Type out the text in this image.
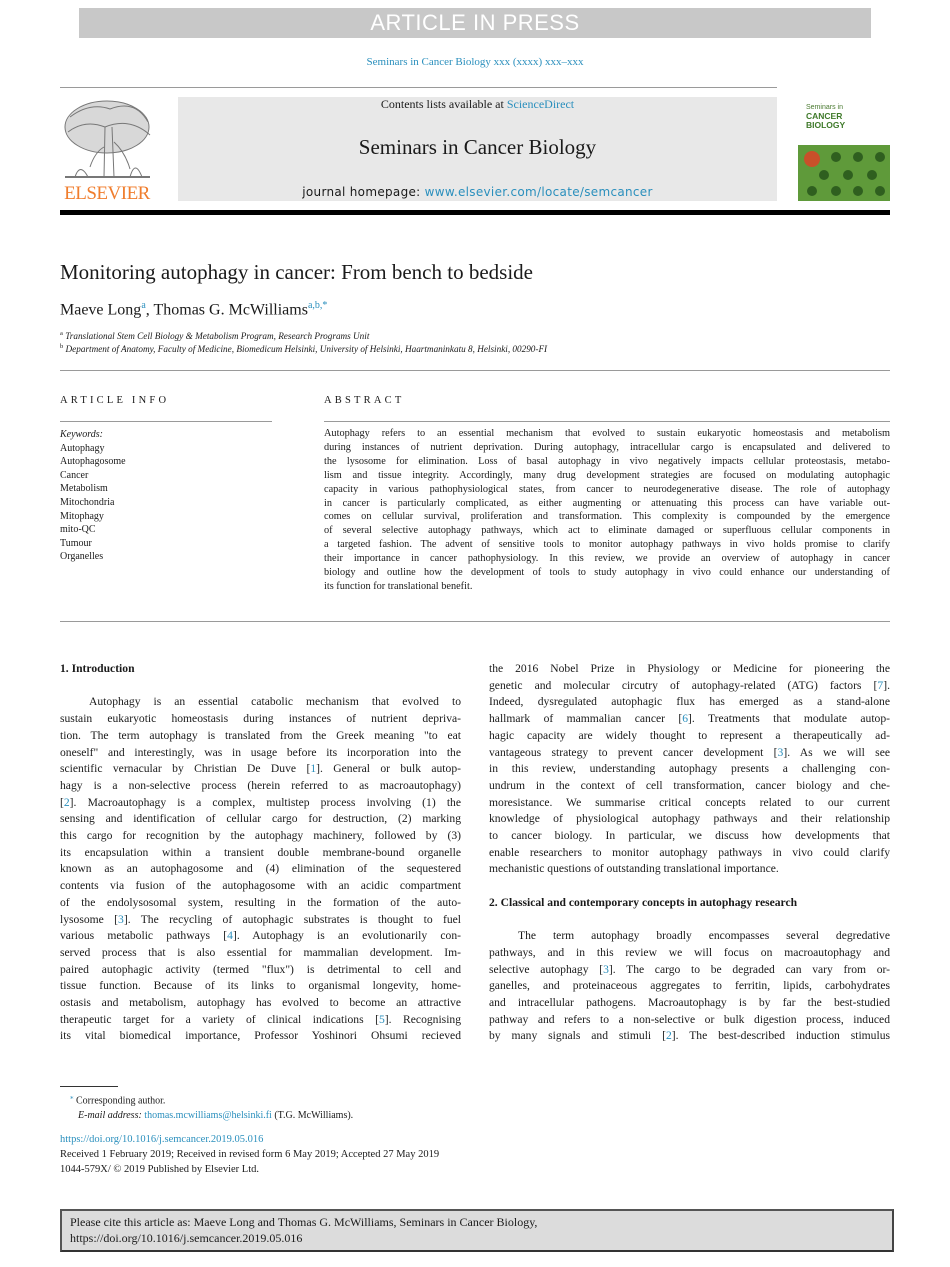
ARTICLE IN PRESS
Seminars in Cancer Biology xxx (xxxx) xxx–xxx
ELSEVIER
Contents lists available at ScienceDirect
Seminars in Cancer Biology
journal homepage: www.elsevier.com/locate/semcancer
Seminars in
CANCER
BIOLOGY
Monitoring autophagy in cancer: From bench to bedside
Maeve Long$^a$, Thomas G. McWilliams$^{a,b,*}$
$^a$ Translational Stem Cell Biology & Metabolism Program, Research Programs Unit
$^b$ Department of Anatomy, Faculty of Medicine, Biomedicum Helsinki, University of Helsinki, Haartmaninkatu 8, Helsinki, 00290-FI
ARTICLE INFO
Keywords:
Autophagy
Autophagosome
Cancer
Metabolism
Mitochondria
Mitophagy
mito-QC
Tumour
Organelles
ABSTRACT
Autophagy refers to an essential mechanism that evolved to sustain eukaryotic homeostasis and metabolism
during instances of nutrient deprivation. During autophagy, intracellular cargo is encapsulated and delivered to
the lysosome for elimination. Loss of basal autophagy in vivo negatively impacts cellular proteostasis, metabo-
lism and tissue integrity. Accordingly, many drug development strategies are focused on modulating autophagic
capacity in various pathophysiological states, from cancer to neurodegenerative disease. The role of autophagy
in cancer is particularly complicated, as either augmenting or attenuating this process can have variable out-
comes on cellular survival, proliferation and transformation. This complexity is compounded by the emergence
of several selective autophagy pathways, which act to eliminate damaged or superfluous cellular components in
a targeted fashion. The advent of sensitive tools to monitor autophagy pathways in vivo holds promise to clarify
their importance in cancer pathophysiology. In this review, we provide an overview of autophagy in cancer
biology and outline how the development of tools to study autophagy in vivo could enhance our understanding of
its function for translational benefit.
1. Introduction
Autophagy is an essential catabolic mechanism that evolved to
sustain eukaryotic homeostasis during instances of nutrient depriva-
tion. The term autophagy is translated from the Greek meaning "to eat
oneself" and interestingly, was in usage before its incorporation into the
scientific vernacular by Christian De Duve [1]. General or bulk autop-
hagy is a non-selective process (herein referred to as macroautophagy)
[2]. Macroautophagy is a complex, multistep process involving (1) the
sensing and identification of cellular cargo for destruction, (2) marking
this cargo for recognition by the autophagy machinery, followed by (3)
its encapsulation within a transient double membrane-bound organelle
known as an autophagosome and (4) elimination of the sequestered
contents via fusion of the autophagosome with an acidic compartment
of the endolysosomal system, resulting in the formation of the auto-
lysosome [3]. The recycling of autophagic substrates is thought to fuel
various metabolic pathways [4]. Autophagy is an evolutionarily con-
served process that is also essential for mammalian development. Im-
paired autophagic activity (termed "flux") is detrimental to cell and
tissue function. Because of its links to organismal longevity, home-
ostasis and metabolism, autophagy has evolved to become an attractive
therapeutic target for a variety of clinical indications [5]. Recognising
its vital biomedical importance, Professor Yoshinori Ohsumi recieved
the 2016 Nobel Prize in Physiology or Medicine for pioneering the
genetic and molecular circutry of autophagy-related (ATG) factors [7].
Indeed, dysregulated autophagic flux has emerged as a stand-alone
hallmark of mammalian cancer [6]. Treatments that modulate autop-
hagic capacity are widely thought to represent a therapeutically ad-
vantageous strategy to prevent cancer development [3]. As we will see
in this review, understanding autophagy presents a challenging con-
undrum in the context of cell transformation, cancer biology and che-
moresistance. We summarise critical concepts related to our current
knowledge of physiological autophagy pathways and their relationship
to cancer biology. In particular, we discuss how developments that
enable researchers to monitor autophagy pathways in vivo could clarify
mechanistic questions of outstanding translational importance.
2. Classical and contemporary concepts in autophagy research
The term autophagy broadly encompasses several degredative
pathways, and in this review we will focus on macroautophagy and
selective autophagy [3]. The cargo to be degraded can vary from or-
ganelles, and proteinaceous aggregates to ferritin, lipids, carbohydrates
and intracellular pathogens. Macroautophagy is by far the best-studied
pathway and refers to a non-selective or bulk digestion process, induced
by many signals and stimuli [2]. The best-described induction stimulus
⁎ Corresponding author.
E-mail address: thomas.mcwilliams@helsinki.fi (T.G. McWilliams).
https://doi.org/10.1016/j.semcancer.2019.05.016
Received 1 February 2019; Received in revised form 6 May 2019; Accepted 27 May 2019
1044-579X/ © 2019 Published by Elsevier Ltd.
Please cite this article as: Maeve Long and Thomas G. McWilliams, Seminars in Cancer Biology,
https://doi.org/10.1016/j.semcancer.2019.05.016
